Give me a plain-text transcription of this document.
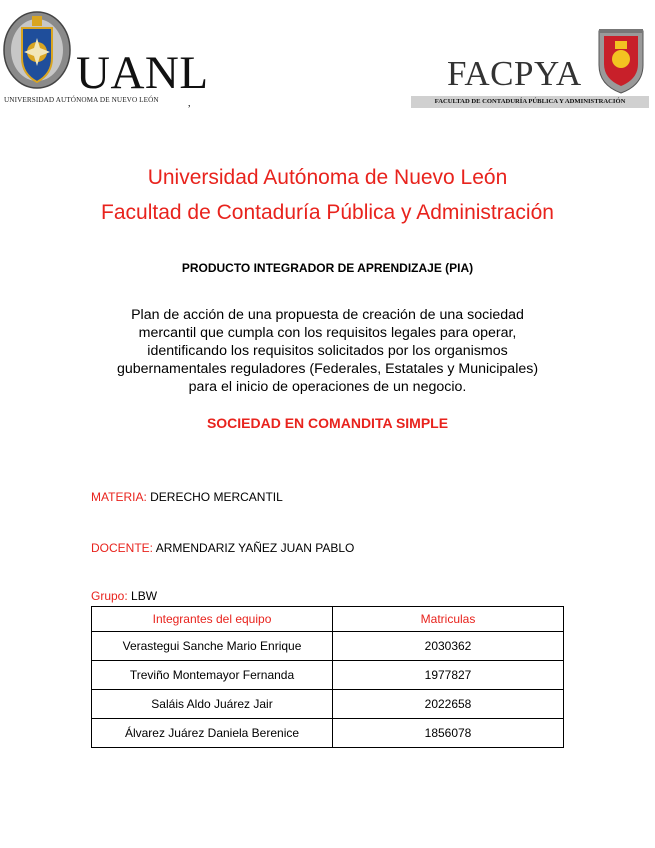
UANL
UNIVERSIDAD AUTÓNOMA DE NUEVO LEÓN	,
FACPYA
FACULTAD DE CONTADURÍA PÚBLICA Y ADMINISTRACIÓN
Universidad Autónoma de Nuevo León
Facultad de Contaduría Pública y Administración
PRODUCTO INTEGRADOR DE APRENDIZAJE (PIA)
Plan de acción de una propuesta de creación de una sociedad
mercantil que cumpla con los requisitos legales para operar,
identificando los requisitos solicitados por los organismos
gubernamentales reguladores (Federales, Estatales y Municipales)
para el inicio de operaciones de un negocio.
SOCIEDAD EN COMANDITA SIMPLE
MATERIA: DERECHO MERCANTIL
DOCENTE: ARMENDARIZ YAÑEZ JUAN PABLO
Grupo: LBW
Integrantes del equipo	Matriculas
Verastegui Sanche Mario Enrique	2030362
Treviño Montemayor Fernanda	1977827
Saláis Aldo Juárez Jair	2022658
Álvarez Juárez Daniela Berenice	1856078
